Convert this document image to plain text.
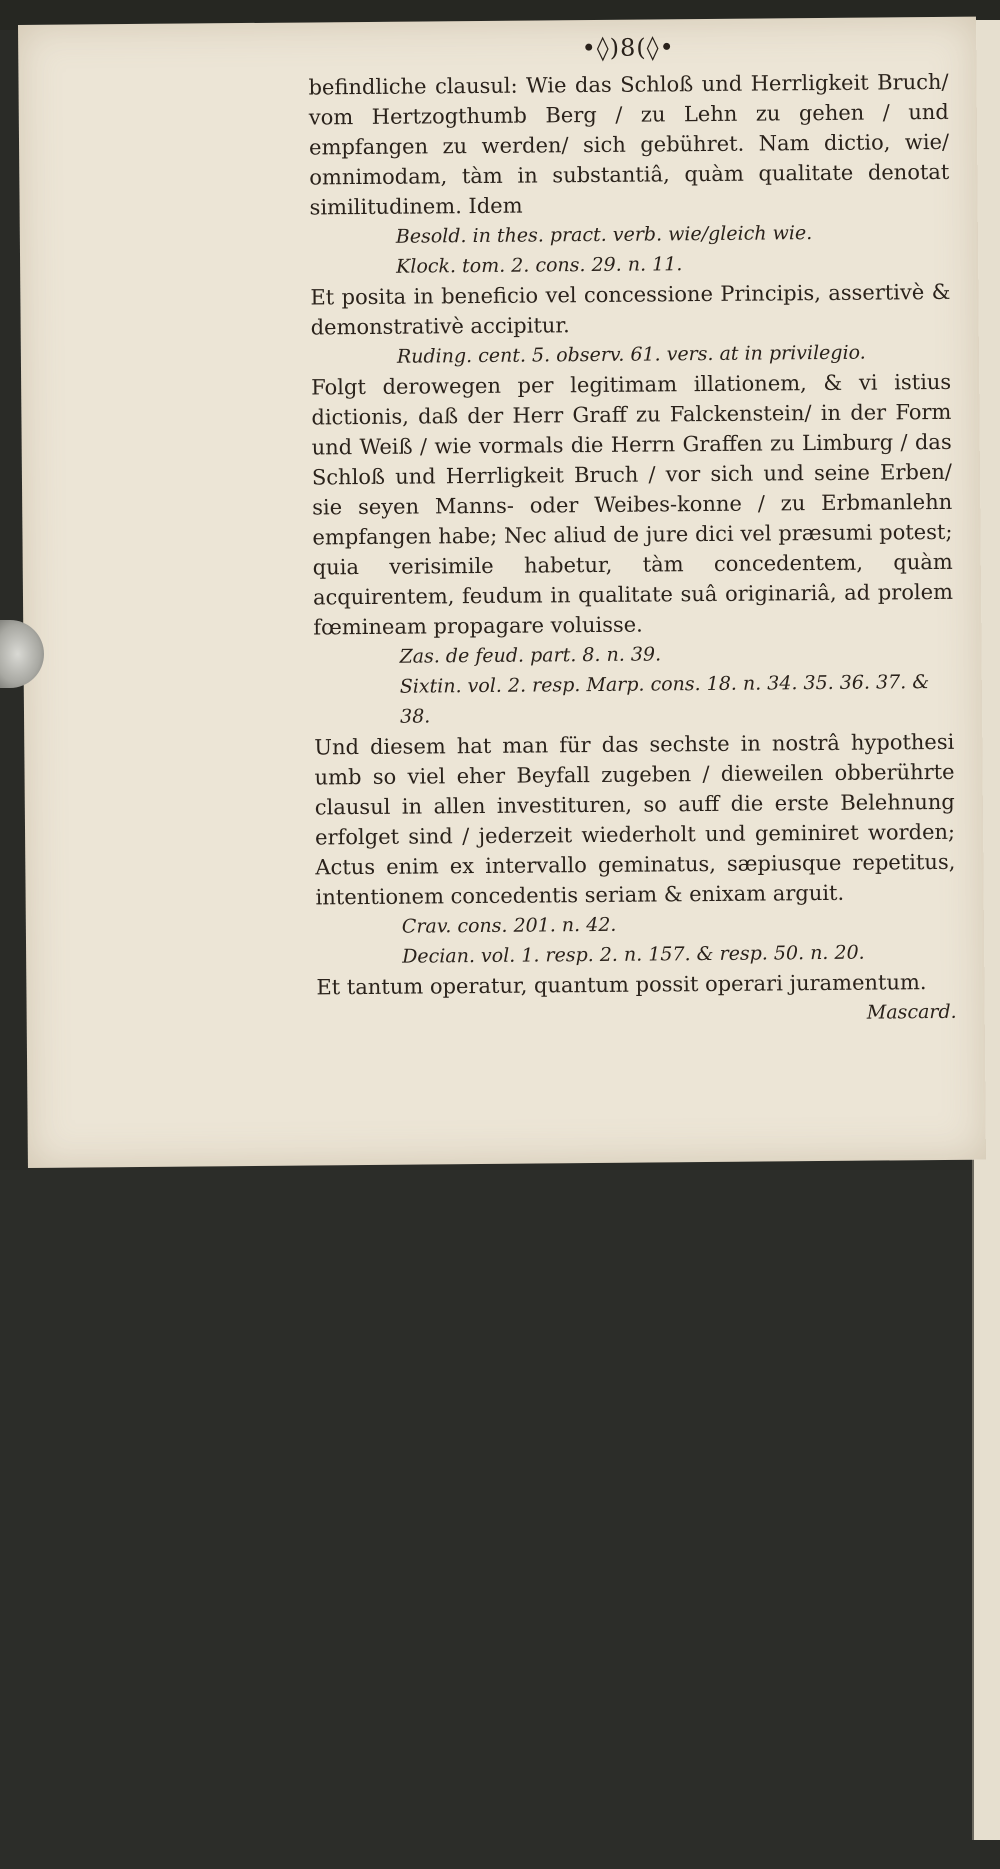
•◊)8(◊•

befindliche clausul: Wie das Schloß und Herrligkeit Bruch/ vom Hertzogthumb Berg / zu Lehn zu gehen / und empfangen zu werden/ sich gebühret. Nam dictio, wie/ omnimodam, tàm in substantiâ, quàm qualitate denotat similitudinem. Idem

Besold. in thes. pract. verb. wie/gleich wie.

Klock. tom. 2. cons. 29. n. 11.

Et posita in beneficio vel concessione Principis, assertivè & demonstrativè accipitur.

Ruding. cent. 5. observ. 61. vers. at in privilegio.

Folgt derowegen per legitimam illationem, & vi istius dictionis, daß der Herr Graff zu Falckenstein/ in der Form und Weiß / wie vormals die Herrn Graffen zu Limburg / das Schloß und Herrligkeit Bruch / vor sich und seine Erben/ sie seyen Manns- oder Weibes-konne / zu Erbmanlehn empfangen habe; Nec aliud de jure dici vel præsumi potest; quia verisimile habetur, tàm concedentem, quàm acquirentem, feudum in qualitate suâ originariâ, ad prolem fœmineam propagare voluisse.

Zas. de feud. part. 8. n. 39.

Sixtin. vol. 2. resp. Marp. cons. 18. n. 34. 35. 36. 37. & 38.

Und diesem hat man für das sechste in nostrâ hypothesi umb so viel eher Beyfall zugeben / dieweilen obberührte clausul in allen investituren, so auff die erste Belehnung erfolget sind / jederzeit wiederholt und geminiret worden; Actus enim ex intervallo geminatus, sæpiusque repetitus, intentionem concedentis seriam & enixam arguit.

Crav. cons. 201. n. 42.

Decian. vol. 1. resp. 2. n. 157. & resp. 50. n. 20.

Et tantum operatur, quantum possit operari juramentum.

Mascard.
